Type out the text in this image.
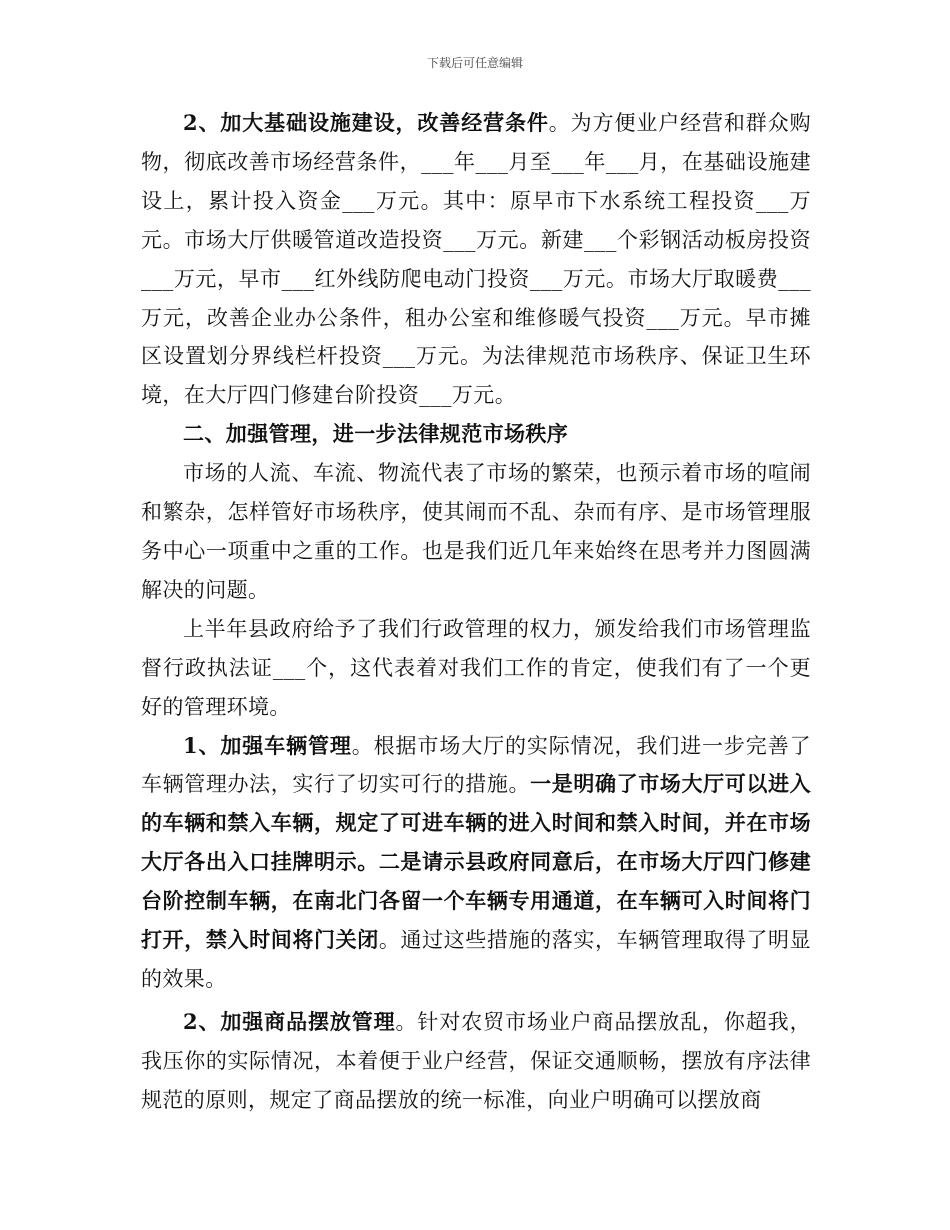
下载后可任意编辑

2、加大基础设施建设，改善经营条件。为方便业户经营和群众购物，彻底改善市场经营条件，___年___月至___年___月，在基础设施建设上，累计投入资金___万元。其中：原早市下水系统工程投资___万元。市场大厅供暖管道改造投资___万元。新建___个彩钢活动板房投资___万元，早市___红外线防爬电动门投资___万元。市场大厅取暖费___万元，改善企业办公条件，租办公室和维修暖气投资___万元。早市摊区设置划分界线栏杆投资___万元。为法律规范市场秩序、保证卫生环境，在大厅四门修建台阶投资___万元。

二、加强管理，进一步法律规范市场秩序

市场的人流、车流、物流代表了市场的繁荣，也预示着市场的喧闹和繁杂，怎样管好市场秩序，使其闹而不乱、杂而有序、是市场管理服务中心一项重中之重的工作。也是我们近几年来始终在思考并力图圆满解决的问题。

上半年县政府给予了我们行政管理的权力，颁发给我们市场管理监督行政执法证___个，这代表着对我们工作的肯定，使我们有了一个更好的管理环境。

1、加强车辆管理。根据市场大厅的实际情况，我们进一步完善了车辆管理办法，实行了切实可行的措施。一是明确了市场大厅可以进入的车辆和禁入车辆，规定了可进车辆的进入时间和禁入时间，并在市场大厅各出入口挂牌明示。二是请示县政府同意后，在市场大厅四门修建台阶控制车辆，在南北门各留一个车辆专用通道，在车辆可入时间将门打开，禁入时间将门关闭。通过这些措施的落实，车辆管理取得了明显的效果。

2、加强商品摆放管理。针对农贸市场业户商品摆放乱，你超我，我压你的实际情况，本着便于业户经营，保证交通顺畅，摆放有序法律规范的原则，规定了商品摆放的统一标准，向业户明确可以摆放商
